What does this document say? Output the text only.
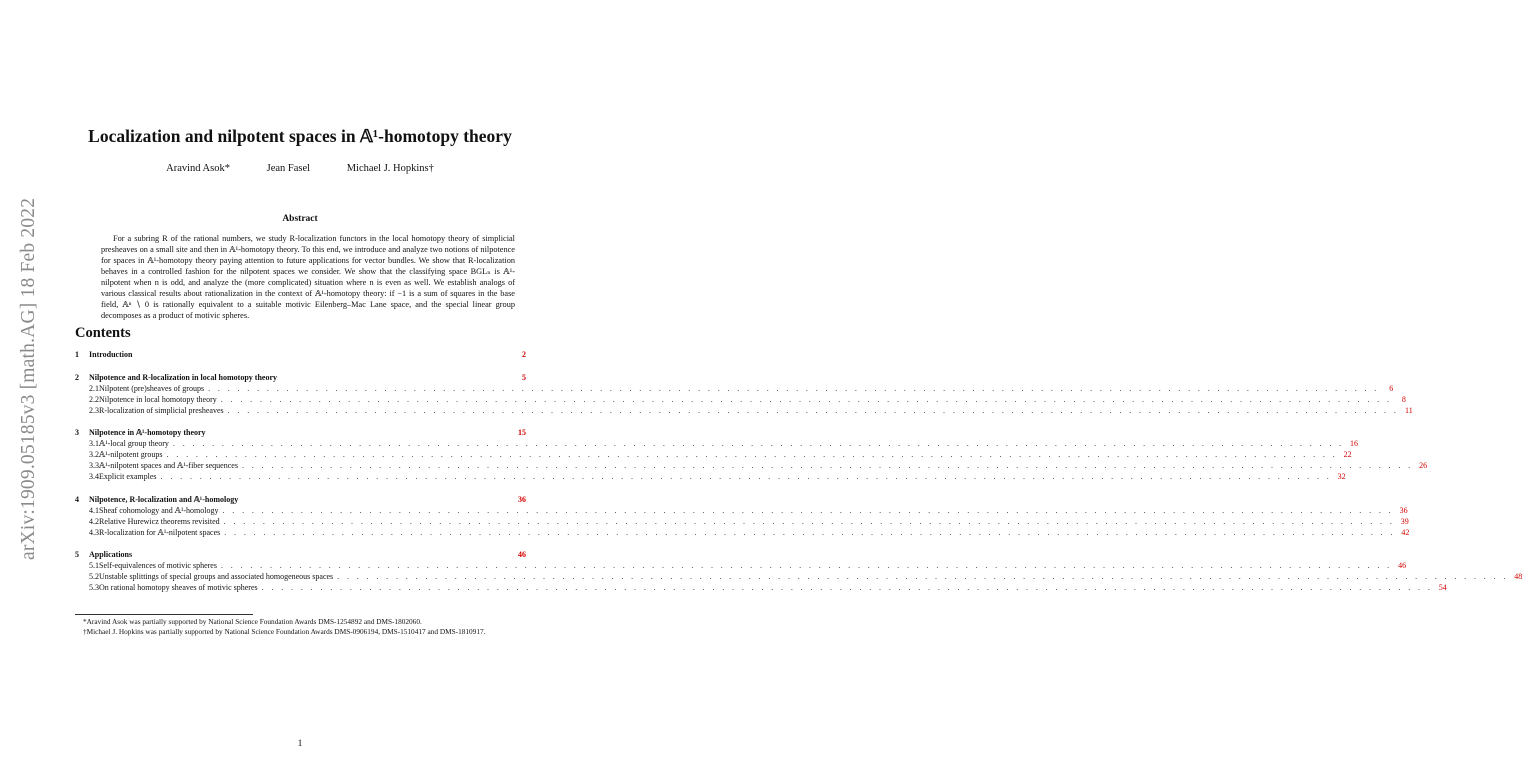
arXiv:1909.05185v3 [math.AG] 18 Feb 2022
Localization and nilpotent spaces in 𝔸¹-homotopy theory
Aravind Asok*	Jean Fasel	Michael J. Hopkins†
Abstract
For a subring R of the rational numbers, we study R-localization functors in the local homotopy theory of simplicial presheaves on a small site and then in 𝔸¹-homotopy theory. To this end, we introduce and analyze two notions of nilpotence for spaces in 𝔸¹-homotopy theory paying attention to future applications for vector bundles. We show that R-localization behaves in a controlled fashion for the nilpotent spaces we consider. We show that the classifying space BGLₙ is 𝔸¹-nilpotent when n is odd, and analyze the (more complicated) situation where n is even as well. We establish analogs of various classical results about rationalization in the context of 𝔸¹-homotopy theory: if −1 is a sum of squares in the base field, 𝔸ⁿ ∖ 0 is rationally equivalent to a suitable motivic Eilenberg–Mac Lane space, and the special linear group decomposes as a product of motivic spheres.
Contents
1	Introduction	2
2	Nilpotence and R-localization in local homotopy theory	5
2.1 Nilpotent (pre)sheaves of groups . . . . . . . . . . . . . . . . . . . . . . . . . . . . . . . . . . . . . . . . . . . . . . . . . . . . . . . . . . . . . . . . . . . . . . . . . . . . . . . . . . . . . . . . . . . . . . . . . . . . . . . . . . . . . . . . . . . . . . . .	6
2.2 Nilpotence in local homotopy theory . . . . . . . . . . . . . . . . . . . . . . . . . . . . . . . . . . . . . . . . . . . . . . . . . . . . . . . . . . . . . . . . . . . . . . . . . . . . . . . . . . . . . . . . . . . . . . . . . . . . . . . . . . . . . . . . . . . . . . . .	8
2.3 R-localization of simplicial presheaves . . . . . . . . . . . . . . . . . . . . . . . . . . . . . . . . . . . . . . . . . . . . . . . . . . . . . . . . . . . . . . . . . . . . . . . . . . . . . . . . . . . . . . . . . . . . . . . . . . . . . . . . . . . . . . . . . . . . . . . . 11
3	Nilpotence in 𝔸¹-homotopy theory	15
3.1 𝔸¹-local group theory . . . . . . . . . . . . . . . . . . . . . . . . . . . . . . . . . . . . . . . . . . . . . . . . . . . . . . . . . . . . . . . . . . . . . . . . . . . . . . . . . . . . . . . . . . . . . . . . . . . . . . . . . . . . . . . . . . . . . . . . 16
3.2 𝔸¹-nilpotent groups . . . . . . . . . . . . . . . . . . . . . . . . . . . . . . . . . . . . . . . . . . . . . . . . . . . . . . . . . . . . . . . . . . . . . . . . . . . . . . . . . . . . . . . . . . . . . . . . . . . . . . . . . . . . . . . . . . . . . . . . 22
3.3 𝔸¹-nilpotent spaces and 𝔸¹-fiber sequences . . . . . . . . . . . . . . . . . . . . . . . . . . . . . . . . . . . . . . . . . . . . . . . . . . . . . . . . . . . . . . . . . . . . . . . . . . . . . . . . . . . . . . . . . . . . . . . . . . . . . . . . . . . . . . . . . . . . . . . . 26
3.4 Explicit examples . . . . . . . . . . . . . . . . . . . . . . . . . . . . . . . . . . . . . . . . . . . . . . . . . . . . . . . . . . . . . . . . . . . . . . . . . . . . . . . . . . . . . . . . . . . . . . . . . . . . . . . . . . . . . . . . . . . . . . . . 32
4	Nilpotence, R-localization and 𝔸¹-homology	36
4.1 Sheaf cohomology and 𝔸¹-homology . . . . . . . . . . . . . . . . . . . . . . . . . . . . . . . . . . . . . . . . . . . . . . . . . . . . . . . . . . . . . . . . . . . . . . . . . . . . . . . . . . . . . . . . . . . . . . . . . . . . . . . . . . . . . . . . . . . . . . . . 36
4.2 Relative Hurewicz theorems revisited . . . . . . . . . . . . . . . . . . . . . . . . . . . . . . . . . . . . . . . . . . . . . . . . . . . . . . . . . . . . . . . . . . . . . . . . . . . . . . . . . . . . . . . . . . . . . . . . . . . . . . . . . . . . . . . . . . . . . . . . 39
4.3 R-localization for 𝔸¹-nilpotent spaces . . . . . . . . . . . . . . . . . . . . . . . . . . . . . . . . . . . . . . . . . . . . . . . . . . . . . . . . . . . . . . . . . . . . . . . . . . . . . . . . . . . . . . . . . . . . . . . . . . . . . . . . . . . . . . . . . . . . . . . . 42
5	Applications	46
5.1 Self-equivalences of motivic spheres . . . . . . . . . . . . . . . . . . . . . . . . . . . . . . . . . . . . . . . . . . . . . . . . . . . . . . . . . . . . . . . . . . . . . . . . . . . . . . . . . . . . . . . . . . . . . . . . . . . . . . . . . . . . . . . . . . . . . . . . 46
5.2 Unstable splittings of special groups and associated homogeneous spaces . . . . . . . . . . . . . . . . . . . . . . . . . . . . . . . . . . . . . . . . . . . . . . . . . . . . . . . . . . . . . . . . . . . . . . . . . . . . . . . . . . . . . . . . . . . . . . . . . . . . . . . . . . . . . . . . . . . . . . . . 48
5.3 On rational homotopy sheaves of motivic spheres . . . . . . . . . . . . . . . . . . . . . . . . . . . . . . . . . . . . . . . . . . . . . . . . . . . . . . . . . . . . . . . . . . . . . . . . . . . . . . . . . . . . . . . . . . . . . . . . . . . . . . . . . . . . . . . . . . . . . . . . 54

*Aravind Asok was partially supported by National Science Foundation Awards DMS-1254892 and DMS-1802060.

†Michael J. Hopkins was partially supported by National Science Foundation Awards DMS-0906194, DMS-1510417 and DMS-1810917.

1
